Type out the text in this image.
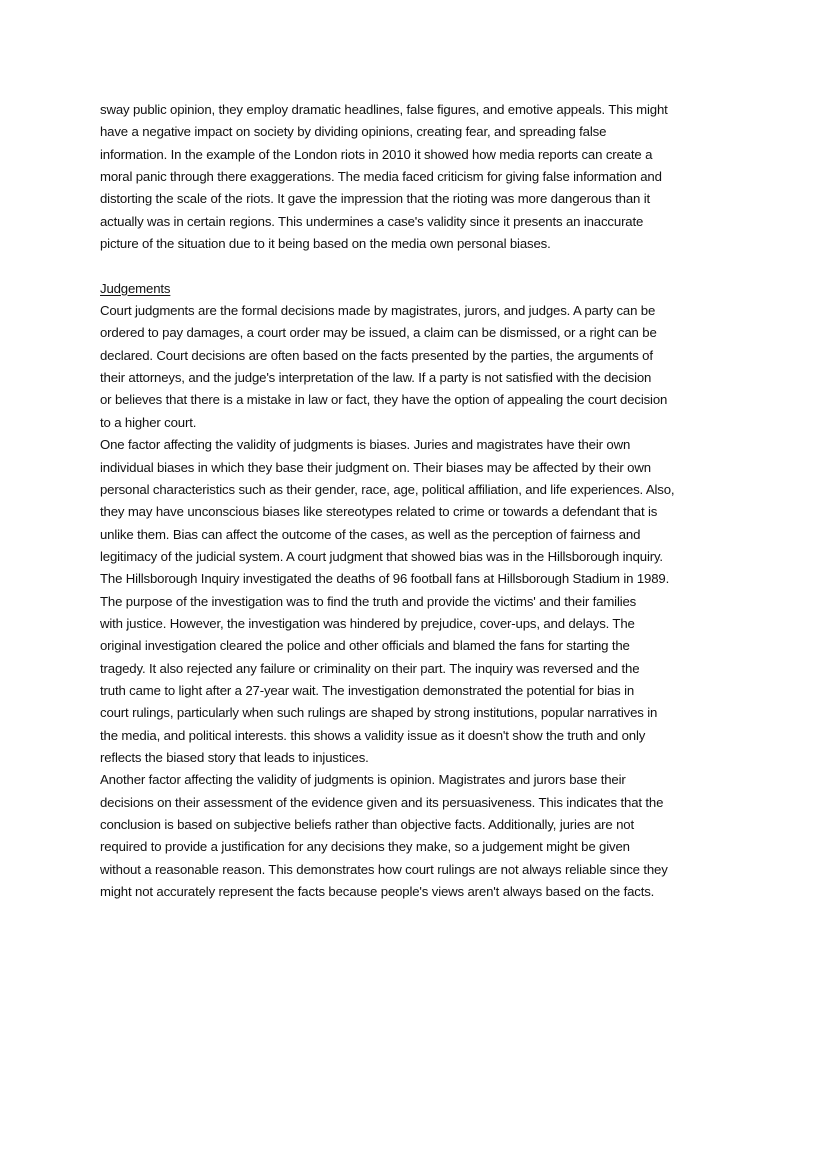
sway public opinion, they employ dramatic headlines, false figures, and emotive appeals. This might
have a negative impact on society by dividing opinions, creating fear, and spreading false
information. In the example of the London riots in 2010 it showed how media reports can create a
moral panic through there exaggerations. The media faced criticism for giving false information and
distorting the scale of the riots. It gave the impression that the rioting was more dangerous than it
actually was in certain regions. This undermines a case's validity since it presents an inaccurate
picture of the situation due to it being based on the media own personal biases.

Judgements

Court judgments are the formal decisions made by magistrates, jurors, and judges. A party can be
ordered to pay damages, a court order may be issued, a claim can be dismissed, or a right can be
declared. Court decisions are often based on the facts presented by the parties, the arguments of
their attorneys, and the judge's interpretation of the law. If a party is not satisfied with the decision
or believes that there is a mistake in law or fact, they have the option of appealing the court decision
to a higher court.

One factor affecting the validity of judgments is biases. Juries and magistrates have their own
individual biases in which they base their judgment on. Their biases may be affected by their own
personal characteristics such as their gender, race, age, political affiliation, and life experiences. Also,
they may have unconscious biases like stereotypes related to crime or towards a defendant that is
unlike them. Bias can affect the outcome of the cases, as well as the perception of fairness and
legitimacy of the judicial system. A court judgment that showed bias was in the Hillsborough inquiry.
The Hillsborough Inquiry investigated the deaths of 96 football fans at Hillsborough Stadium in 1989.
The purpose of the investigation was to find the truth and provide the victims' and their families
with justice. However, the investigation was hindered by prejudice, cover-ups, and delays. The
original investigation cleared the police and other officials and blamed the fans for starting the
tragedy. It also rejected any failure or criminality on their part. The inquiry was reversed and the
truth came to light after a 27-year wait. The investigation demonstrated the potential for bias in
court rulings, particularly when such rulings are shaped by strong institutions, popular narratives in
the media, and political interests. this shows a validity issue as it doesn't show the truth and only
reflects the biased story that leads to injustices.

Another factor affecting the validity of judgments is opinion. Magistrates and jurors base their
decisions on their assessment of the evidence given and its persuasiveness. This indicates that the
conclusion is based on subjective beliefs rather than objective facts. Additionally, juries are not
required to provide a justification for any decisions they make, so a judgement might be given
without a reasonable reason. This demonstrates how court rulings are not always reliable since they
might not accurately represent the facts because people's views aren't always based on the facts.
